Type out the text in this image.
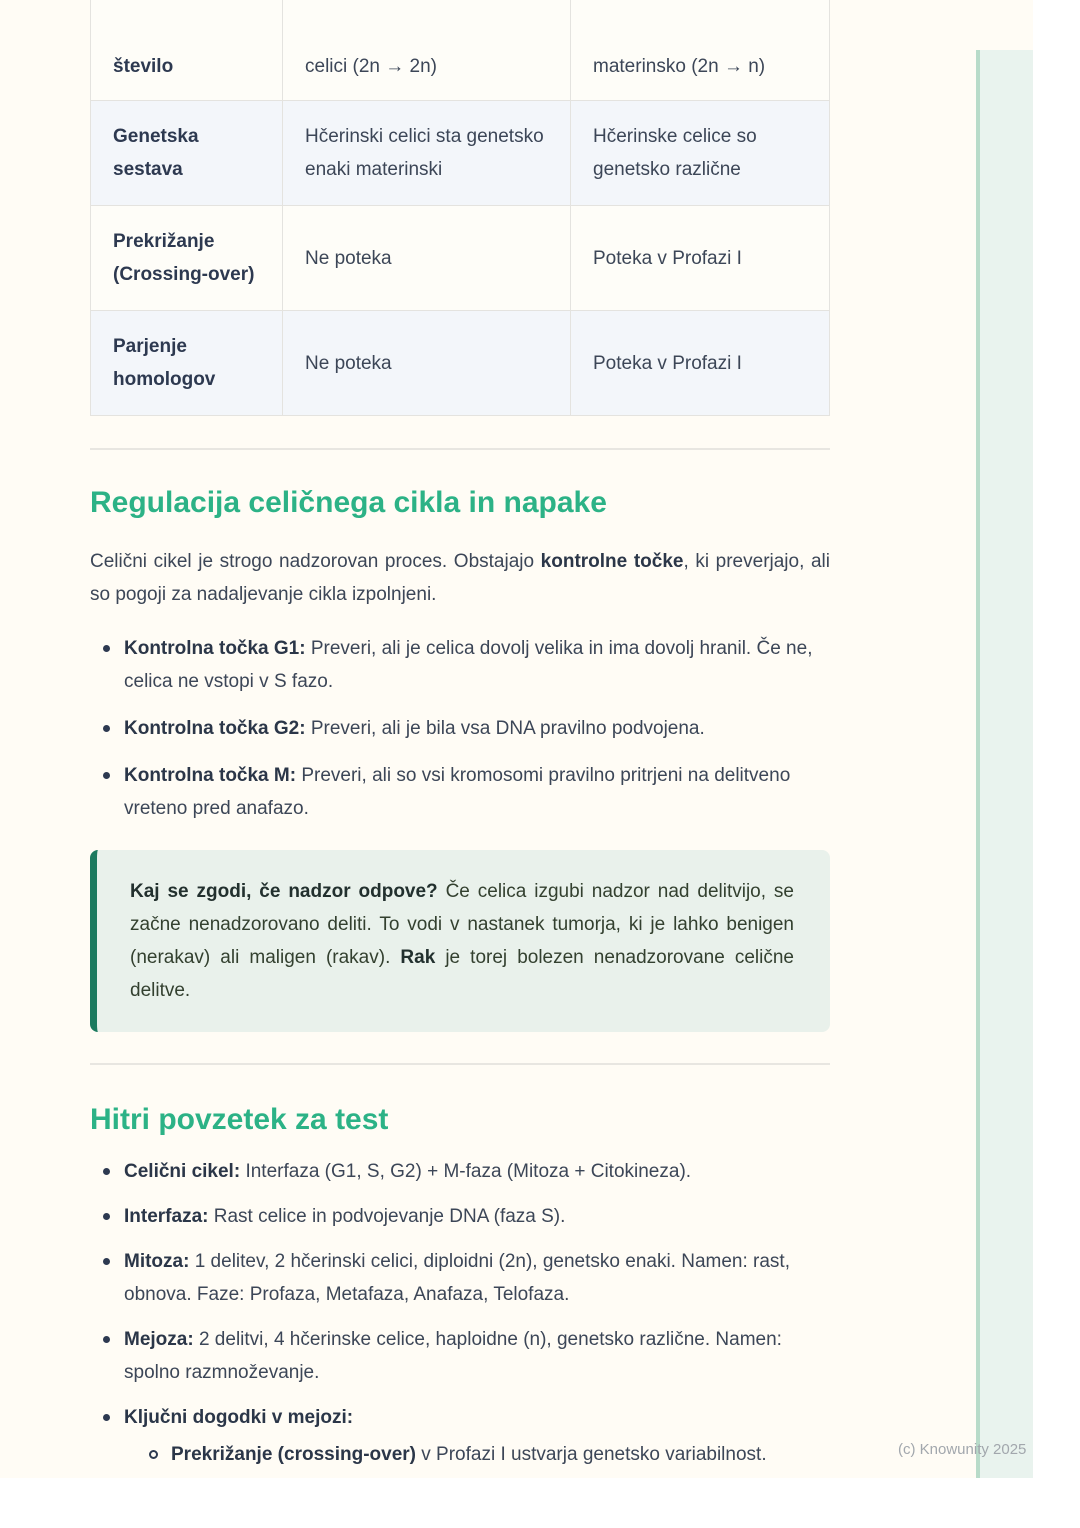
število	celici (2n → 2n)	materinsko (2n → n)
Genetska sestava	Hčerinski celici sta genetsko enaki materinski	Hčerinske celice so genetsko različne
Prekrižanje (Crossing-over)	Ne poteka	Poteka v Profazi I
Parjenje homologov	Ne poteka	Poteka v Profazi I
Regulacija celičnega cikla in napake

Celični cikel je strogo nadzorovan proces. Obstajajo kontrolne točke, ki preverjajo, ali so pogoji za nadaljevanje cikla izpolnjeni.

Kontrolna točka G1: Preveri, ali je celica dovolj velika in ima dovolj hranil. Če ne, celica ne vstopi v S fazo.
Kontrolna točka G2: Preveri, ali je bila vsa DNA pravilno podvojena.
Kontrolna točka M: Preveri, ali so vsi kromosomi pravilno pritrjeni na delitveno vreteno pred anafazo.
Kaj se zgodi, če nadzor odpove? Če celica izgubi nadzor nad delitvijo, se začne nenadzorovano deliti. To vodi v nastanek tumorja, ki je lahko benigen (nerakav) ali maligen (rakav). Rak je torej bolezen nenadzorovane celične delitve.
Hitri povzetek za test
Celični cikel: Interfaza (G1, S, G2) + M-faza (Mitoza + Citokineza).
Interfaza: Rast celice in podvojevanje DNA (faza S).
Mitoza: 1 delitev, 2 hčerinski celici, diploidni (2n), genetsko enaki. Namen: rast, obnova. Faze: Profaza, Metafaza, Anafaza, Telofaza.
Mejoza: 2 delitvi, 4 hčerinske celice, haploidne (n), genetsko različne. Namen: spolno razmnoževanje.
Ključni dogodki v mejozi:
Prekrižanje (crossing-over) v Profazi I ustvarja genetsko variabilnost.	(c) Knowunity 2025
